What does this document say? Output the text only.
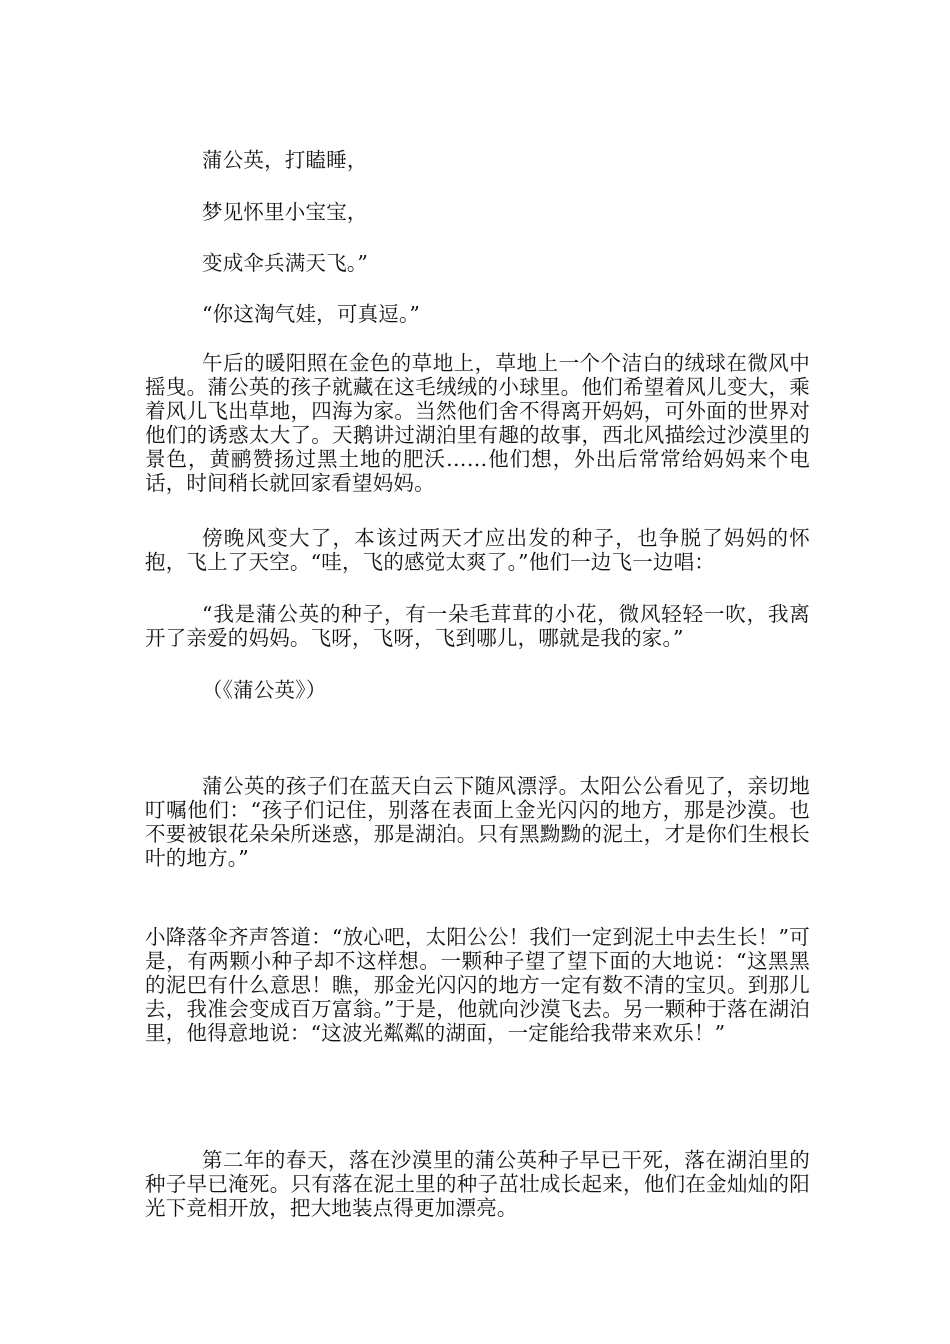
蒲公英，打瞌睡，

梦见怀里小宝宝，

变成伞兵满天飞。”

“你这淘气娃，可真逗。”

午后的暖阳照在金色的草地上，草地上一个个洁白的绒球在微风中摇曳。蒲公英的孩子就藏在这毛绒绒的小球里。他们希望着风儿变大，乘着风儿飞出草地，四海为家。当然他们舍不得离开妈妈，可外面的世界对他们的诱惑太大了。天鹅讲过湖泊里有趣的故事，西北风描绘过沙漠里的景色，黄鹂赞扬过黑土地的肥沃……他们想，外出后常常给妈妈来个电话，时间稍长就回家看望妈妈。

傍晚风变大了，本该过两天才应出发的种子，也争脱了妈妈的怀抱，飞上了天空。“哇，飞的感觉太爽了。”他们一边飞一边唱：

“我是蒲公英的种子，有一朵毛茸茸的小花，微风轻轻一吹，我离开了亲爱的妈妈。飞呀，飞呀，飞到哪儿，哪就是我的家。”

（《蒲公英》）

蒲公英的孩子们在蓝天白云下随风漂浮。太阳公公看见了，亲切地叮嘱他们：“孩子们记住，别落在表面上金光闪闪的地方，那是沙漠。也不要被银花朵朵所迷惑，那是湖泊。只有黑黝黝的泥土，才是你们生根长叶的地方。”

小降落伞齐声答道：“放心吧，太阳公公！我们一定到泥土中去生长！”可是，有两颗小种子却不这样想。一颗种子望了望下面的大地说：“这黑黑的泥巴有什么意思！瞧，那金光闪闪的地方一定有数不清的宝贝。到那儿去，我准会变成百万富翁。”于是，他就向沙漠飞去。另一颗种于落在湖泊里，他得意地说：“这波光粼粼的湖面，一定能给我带来欢乐！”

第二年的春天，落在沙漠里的蒲公英种子早已干死，落在湖泊里的种子早已淹死。只有落在泥土里的种子茁壮成长起来，他们在金灿灿的阳光下竞相开放，把大地装点得更加漂亮。
